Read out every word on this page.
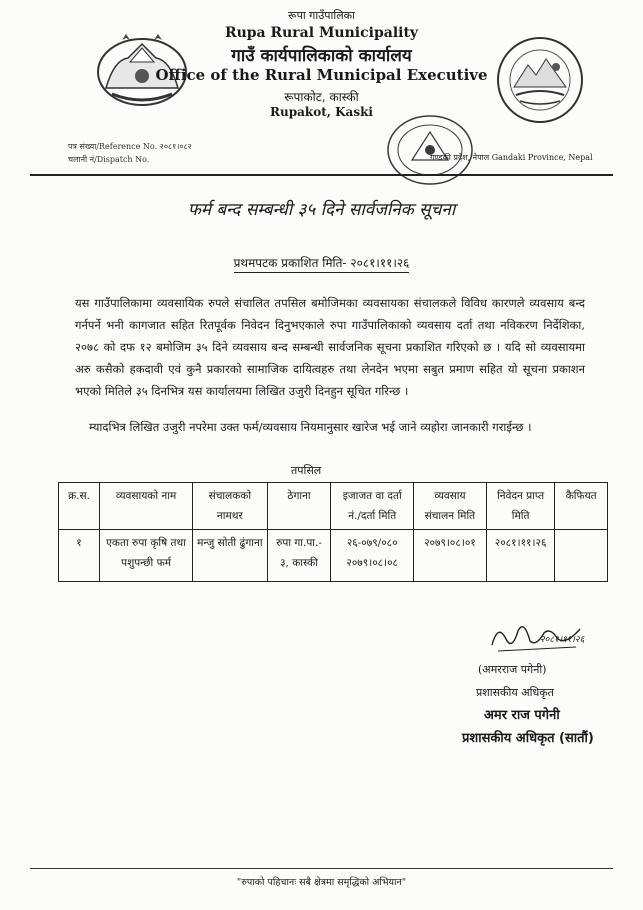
रूपा गाउँपालिका
Rupa Rural Municipality
गाउँ कार्यपालिकाको कार्यालय
Office of the Rural Municipal Executive
रूपाकोट, कास्की
Rupakot, Kaski
पत्र संख्या/Reference No. २०८१।०८२
चलानी नं/Dispatch No.	गण्डकी प्रदेश, नेपाल Gandaki Province, Nepal
फर्म बन्द सम्बन्धी ३५ दिने सार्वजनिक सूचना
प्रथमपटक प्रकाशित मिति- २०८१।११।२६
यस गाउँपालिकामा व्यवसायिक रुपले संचालित तपसिल बमोजिमका व्यवसायका संचालकले विविध कारणले व्यवसाय बन्द गर्नपर्ने भनी कागजात सहित रितपूर्वक निवेदन दिनुभएकाले रुपा गाउँपालिकाको व्यवसाय दर्ता तथा नविकरण निर्देशिका, २०७८ को दफ १२ बमोजिम ३५ दिने व्यवसाय बन्द सम्बन्धी सार्वजनिक सूचना प्रकाशित गरिएको छ । यदि सो व्यवसायमा अरु कसैको हकदावी एवं कुनै प्रकारको सामाजिक दायित्वहरु तथा लेनदेन भएमा सबुत प्रमाण सहित यो सूचना प्रकाशन भएको मितिले ३५ दिनभित्र यस कार्यालयमा लिखित उजुरी दिनहुन सूचित गरिन्छ ।
म्यादभित्र लिखित उजुरी नपरेमा उक्त फर्म/व्यवसाय नियमानुसार खारेज भई जाने व्यहोरा जानकारी गराईन्छ ।
तपसिल
क्र.स.	व्यवसायको नाम	संचालकको नामथर	ठेगाना	इजाजत वा दर्ता नं./दर्ता मिति	व्यवसाय संचालन मिति	निवेदन प्राप्त मिति	कैफियत
१	एकता रुपा कृषि तथा पशुपन्छी फर्म	मन्जु सोती ढुंगाना	रुपा गा.पा.- ३, कास्की	२६-०७९/०८० २०७९।०८।०८	२०७९।०८।०१	२०८१।११।२६	
२०८१।११।२६
(अमरराज पगेनी)
प्रशासकीय अधिकृत
अमर राज पगेनी
प्रशासकीय अधिकृत (सातौं)
"रुपाको पहिचानः सबै क्षेत्रमा समृद्धिको अभियान"
